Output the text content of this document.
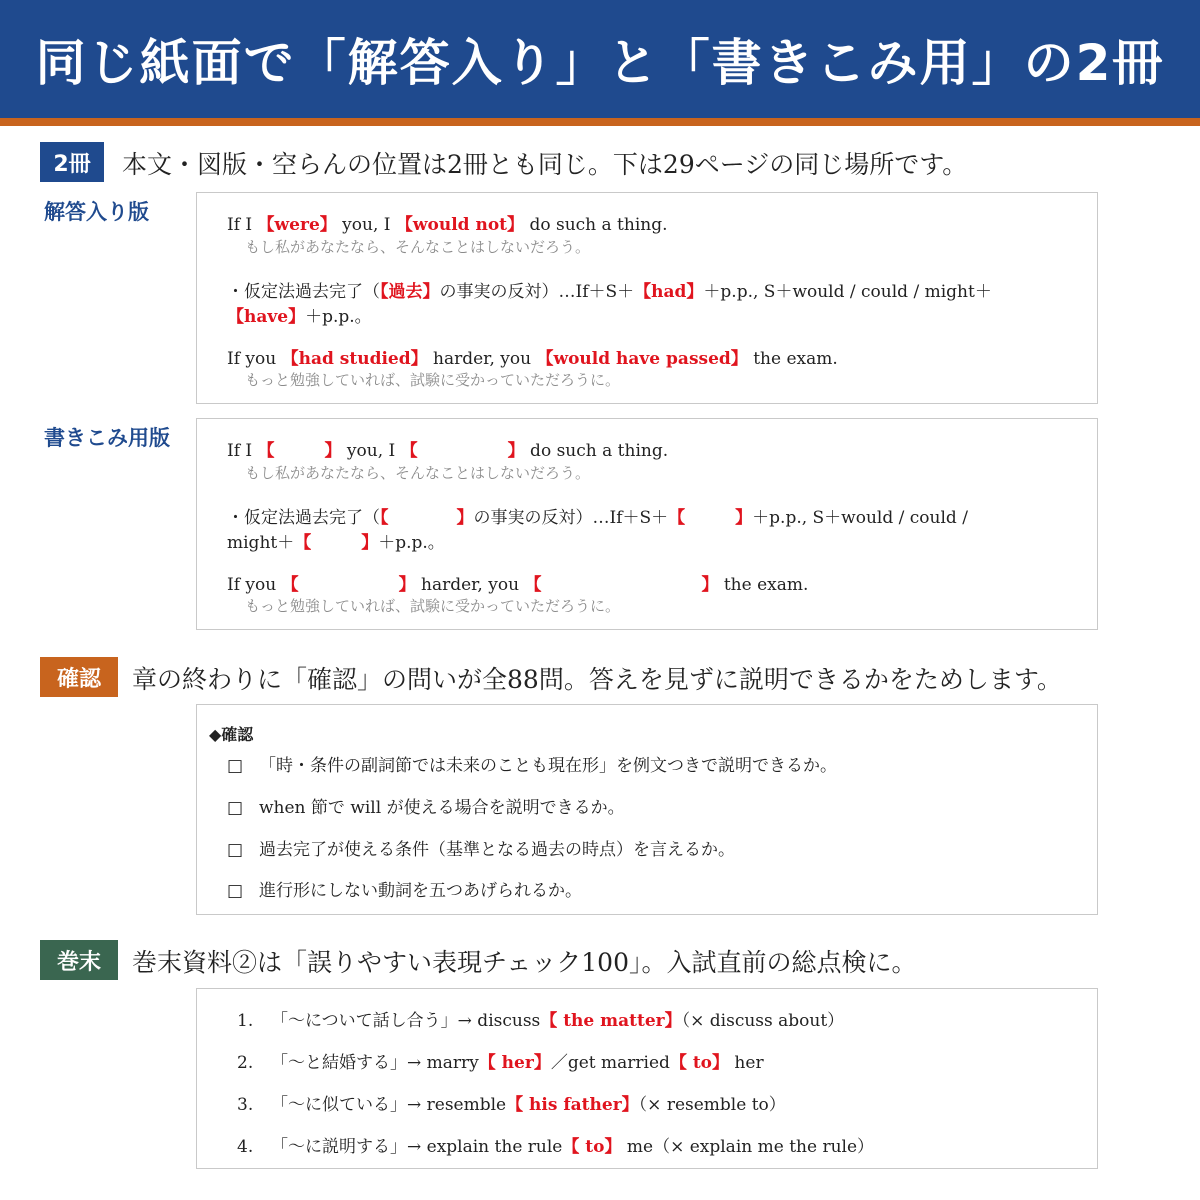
同じ紙面で「解答入り」と「書きこみ用」の2冊
2冊	本文・図版・空らんの位置は2冊とも同じ。下は29ページの同じ場所です。
解答入り版
If I 【were】 you, I 【would not】 do such a thing.
もし私があなたなら、そんなことはしないだろう。
・仮定法過去完了（【過去】の事実の反対）…If＋S＋【had】＋p.p., S＋would / could / might＋
【have】＋p.p.。
If you 【had studied】 harder, you 【would have passed】 the exam.
もっと勉強していれば、試験に受かっていただろうに。
書きこみ用版
If I 【	】 you, I 【	】 do such a thing.
もし私があなたなら、そんなことはしないだろう。
・仮定法過去完了（【	】の事実の反対）…If＋S＋【	】＋p.p., S＋would / could /
might＋【	】＋p.p.。
If you 【	】 harder, you 【	】 the exam.
もっと勉強していれば、試験に受かっていただろうに。
確認	章の終わりに「確認」の問いが全88問。答えを見ずに説明できるかをためします。
◆確認
□ 「時・条件の副詞節では未来のことも現在形」を例文つきで説明できるか。
□ when 節で will が使える場合を説明できるか。
□ 過去完了が使える条件（基準となる過去の時点）を言えるか。
□ 進行形にしない動詞を五つあげられるか。
巻末	巻末資料②は「誤りやすい表現チェック100」。入試直前の総点検に。
1. 「〜について話し合う」→ discuss【 the matter】（× discuss about）
2. 「〜と結婚する」→ marry【 her】／get married【 to】 her
3. 「〜に似ている」→ resemble【 his father】（× resemble to）
4. 「〜に説明する」→ explain the rule【 to】 me（× explain me the rule）
